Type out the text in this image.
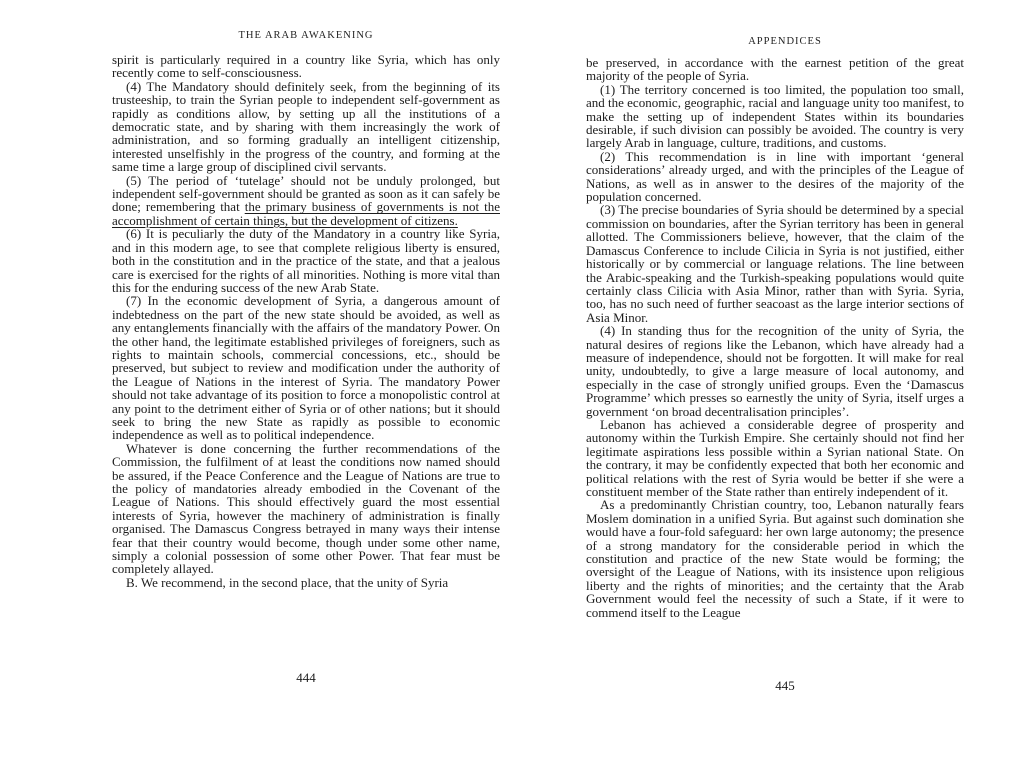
THE ARAB AWAKENING

spirit is particularly required in a country like Syria, which has only recently come to self-consciousness.

(4) The Mandatory should definitely seek, from the beginning of its trusteeship, to train the Syrian people to independent self-government as rapidly as conditions allow, by setting up all the institutions of a democratic state, and by sharing with them increasingly the work of administration, and so forming gradually an intelligent citizenship, interested unselfishly in the progress of the country, and forming at the same time a large group of disciplined civil servants.

(5) The period of ‘tutelage’ should not be unduly prolonged, but independent self-government should be granted as soon as it can safely be done; remembering that the primary business of governments is not the accomplishment of certain things, but the development of citizens.

(6) It is peculiarly the duty of the Mandatory in a country like Syria, and in this modern age, to see that complete religious liberty is ensured, both in the constitution and in the practice of the state, and that a jealous care is exercised for the rights of all minorities. Nothing is more vital than this for the enduring success of the new Arab State.

(7) In the economic development of Syria, a dangerous amount of indebtedness on the part of the new state should be avoided, as well as any entanglements financially with the affairs of the mandatory Power. On the other hand, the legitimate established privileges of foreigners, such as rights to maintain schools, commercial concessions, etc., should be preserved, but subject to review and modification under the authority of the League of Nations in the interest of Syria. The mandatory Power should not take advantage of its position to force a monopolistic control at any point to the detriment either of Syria or of other nations; but it should seek to bring the new State as rapidly as possible to economic independence as well as to political independence.

Whatever is done concerning the further recommendations of the Commission, the fulfilment of at least the conditions now named should be assured, if the Peace Conference and the League of Nations are true to the policy of mandatories already embodied in the Covenant of the League of Nations. This should effectively guard the most essential interests of Syria, however the machinery of administration is finally organised. The Damascus Congress betrayed in many ways their intense fear that their country would become, though under some other name, simply a colonial possession of some other Power. That fear must be completely allayed.

B. We recommend, in the second place, that the unity of Syria

444
APPENDICES

be preserved, in accordance with the earnest petition of the great majority of the people of Syria.

(1) The territory concerned is too limited, the population too small, and the economic, geographic, racial and language unity too manifest, to make the setting up of independent States within its boundaries desirable, if such division can possibly be avoided. The country is very largely Arab in language, culture, traditions, and customs.

(2) This recommendation is in line with important ‘general considerations’ already urged, and with the principles of the League of Nations, as well as in answer to the desires of the majority of the population concerned.

(3) The precise boundaries of Syria should be determined by a special commission on boundaries, after the Syrian territory has been in general allotted. The Commissioners believe, however, that the claim of the Damascus Conference to include Cilicia in Syria is not justified, either historically or by commercial or language relations. The line between the Arabic-speaking and the Turkish-speaking populations would quite certainly class Cilicia with Asia Minor, rather than with Syria. Syria, too, has no such need of further seacoast as the large interior sections of Asia Minor.

(4) In standing thus for the recognition of the unity of Syria, the natural desires of regions like the Lebanon, which have already had a measure of independence, should not be forgotten. It will make for real unity, undoubtedly, to give a large measure of local autonomy, and especially in the case of strongly unified groups. Even the ‘Damascus Programme’ which presses so earnestly the unity of Syria, itself urges a government ‘on broad decentralisation principles’.

Lebanon has achieved a considerable degree of prosperity and autonomy within the Turkish Empire. She certainly should not find her legitimate aspirations less possible within a Syrian national State. On the contrary, it may be confidently expected that both her economic and political relations with the rest of Syria would be better if she were a constituent member of the State rather than entirely independent of it.

As a predominantly Christian country, too, Lebanon naturally fears Moslem domination in a unified Syria. But against such domination she would have a four-fold safeguard: her own large autonomy; the presence of a strong mandatory for the considerable period in which the constitution and practice of the new State would be forming; the oversight of the League of Nations, with its insistence upon religious liberty and the rights of minorities; and the certainty that the Arab Government would feel the necessity of such a State, if it were to commend itself to the League

445
